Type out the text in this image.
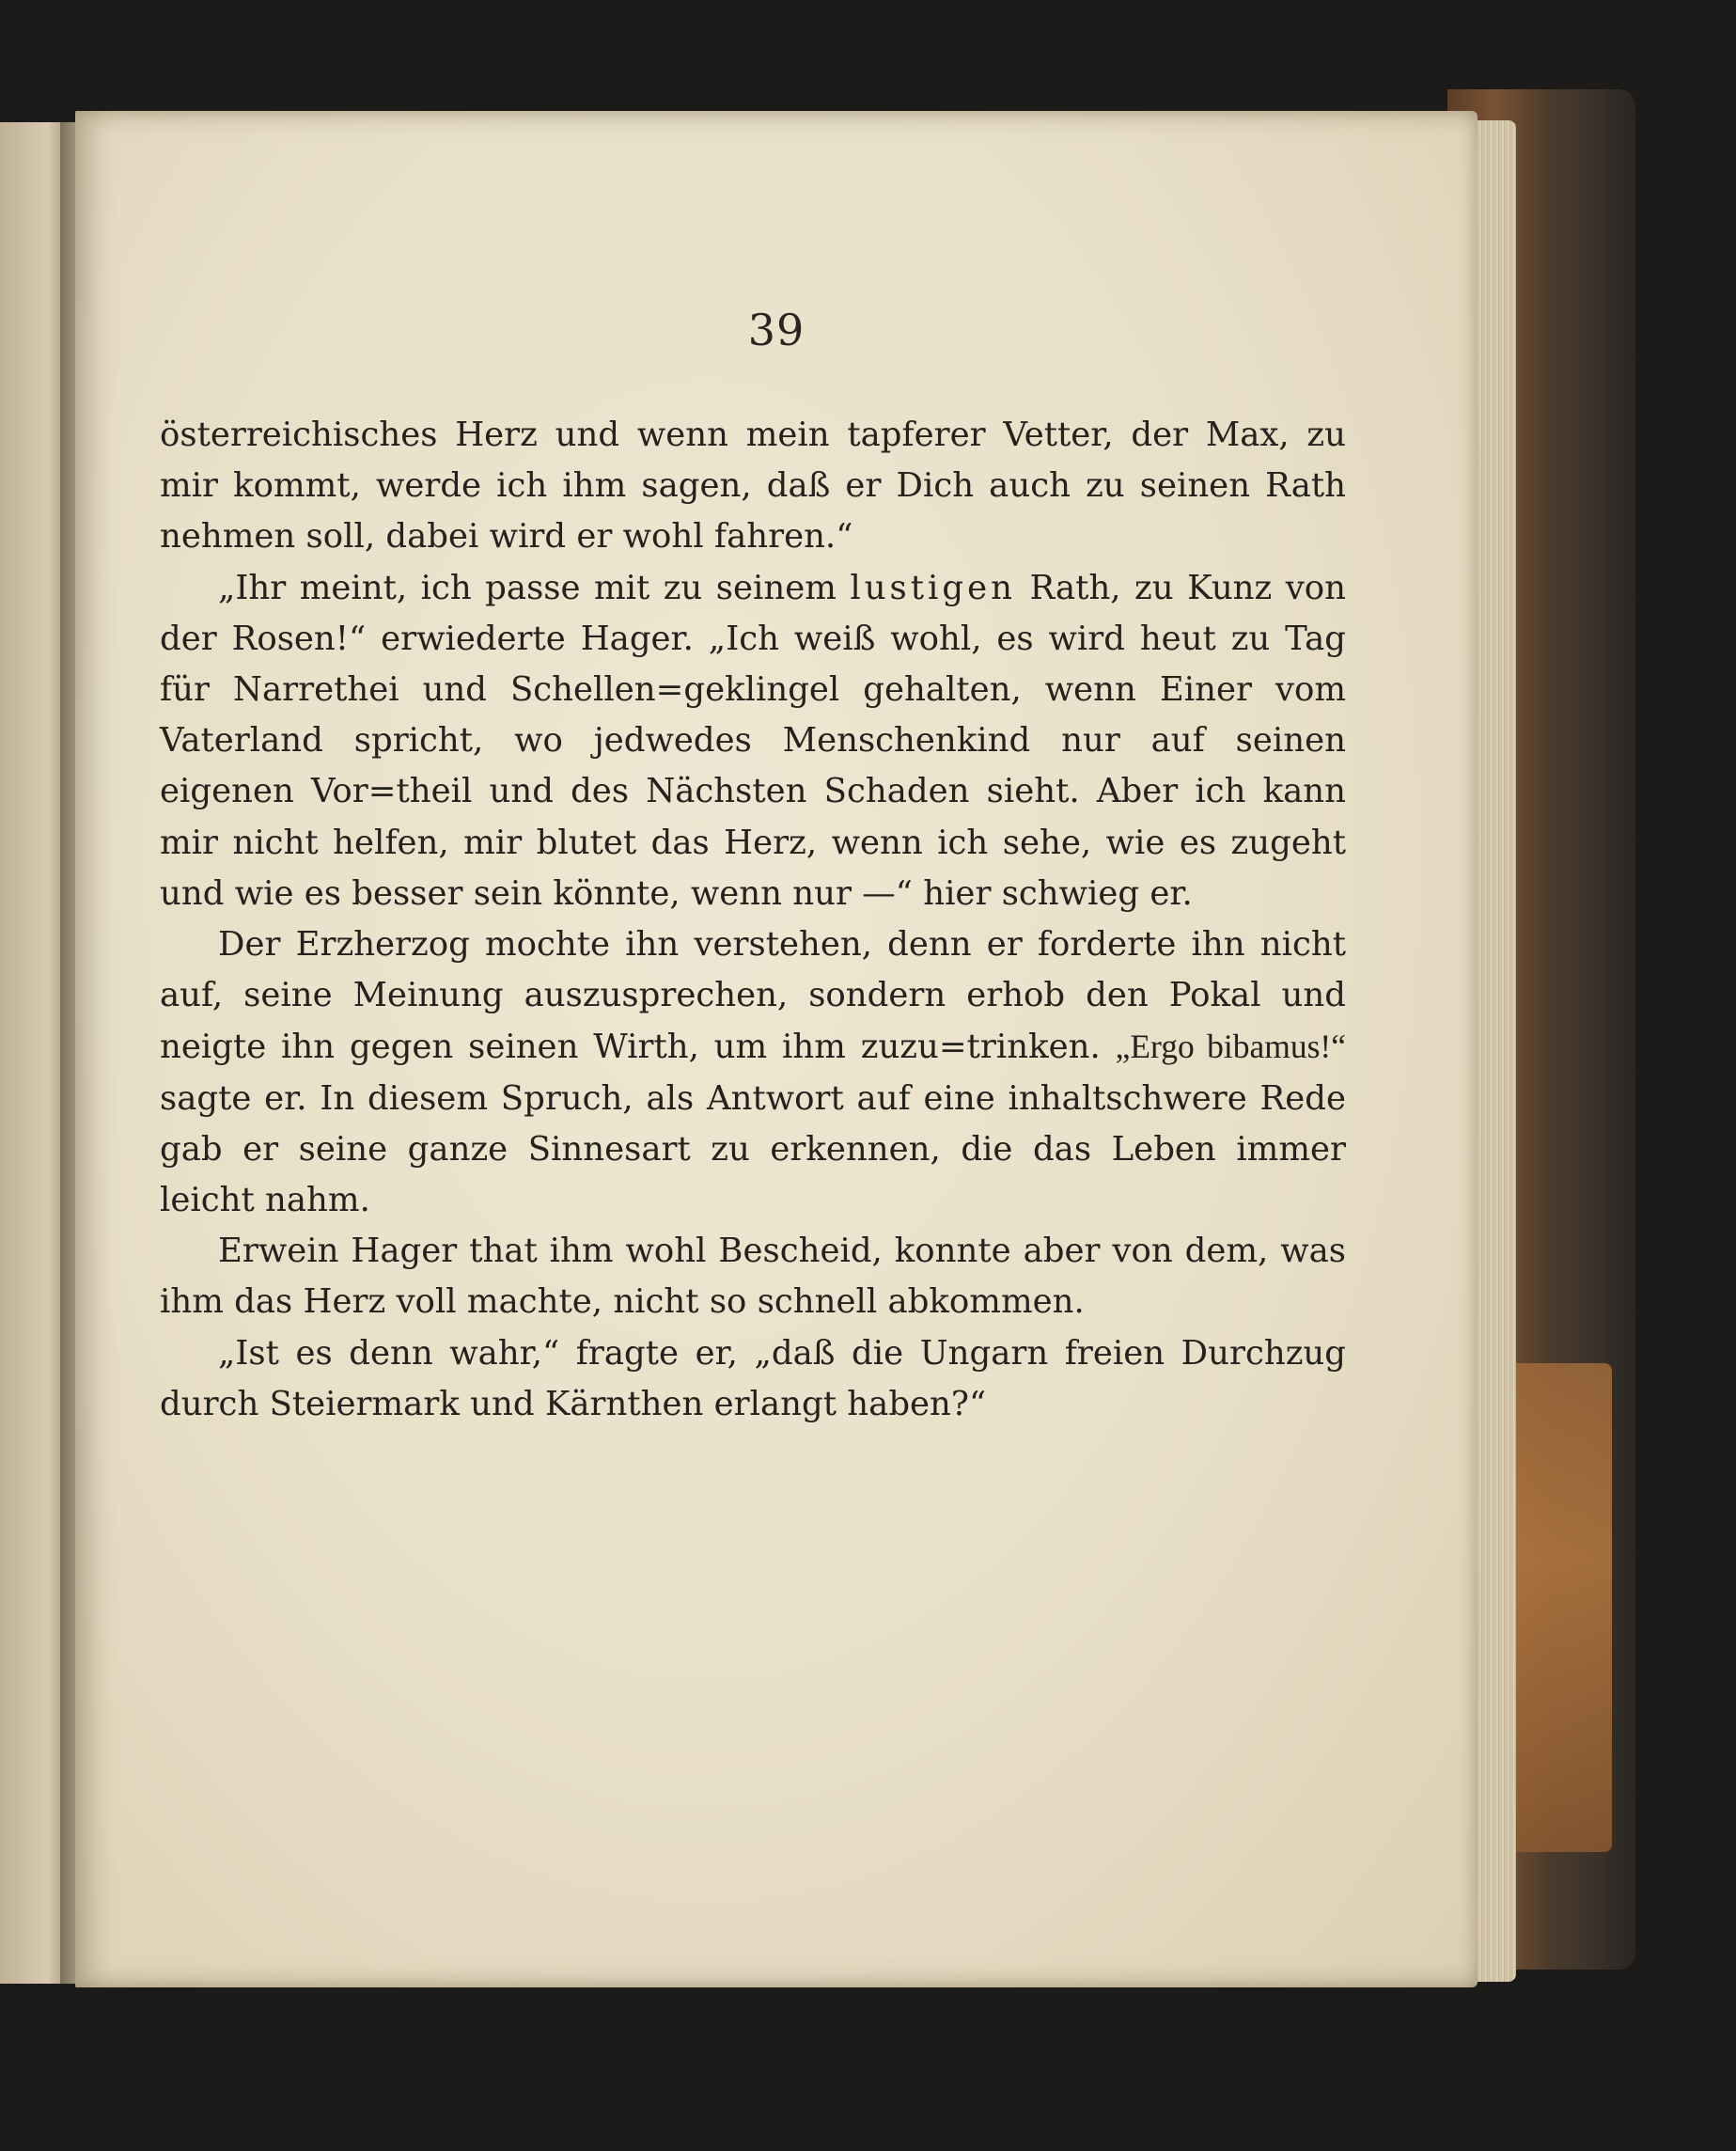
39

österreichisches Herz und wenn mein tapferer Vetter, der Max, zu mir kommt, werde ich ihm sagen, daß er Dich auch zu seinen Rath nehmen soll, dabei wird er wohl fahren.“

„Ihr meint, ich passe mit zu seinem lustigen Rath, zu Kunz von der Rosen!“ erwiederte Hager. „Ich weiß wohl, es wird heut zu Tag für Narrethei und Schellen=geklingel gehalten, wenn Einer vom Vaterland spricht, wo jedwedes Menschenkind nur auf seinen eigenen Vor=theil und des Nächsten Schaden sieht. Aber ich kann mir nicht helfen, mir blutet das Herz, wenn ich sehe, wie es zugeht und wie es besser sein könnte, wenn nur —“ hier schwieg er.

Der Erzherzog mochte ihn verstehen, denn er forderte ihn nicht auf, seine Meinung auszusprechen, sondern erhob den Pokal und neigte ihn gegen seinen Wirth, um ihm zuzu=trinken. „Ergo bibamus!“ sagte er. In diesem Spruch, als Antwort auf eine inhaltschwere Rede gab er seine ganze Sinnesart zu erkennen, die das Leben immer leicht nahm.

Erwein Hager that ihm wohl Bescheid, konnte aber von dem, was ihm das Herz voll machte, nicht so schnell abkommen.

„Ist es denn wahr,“ fragte er, „daß die Ungarn freien Durchzug durch Steiermark und Kärnthen erlangt haben?“
